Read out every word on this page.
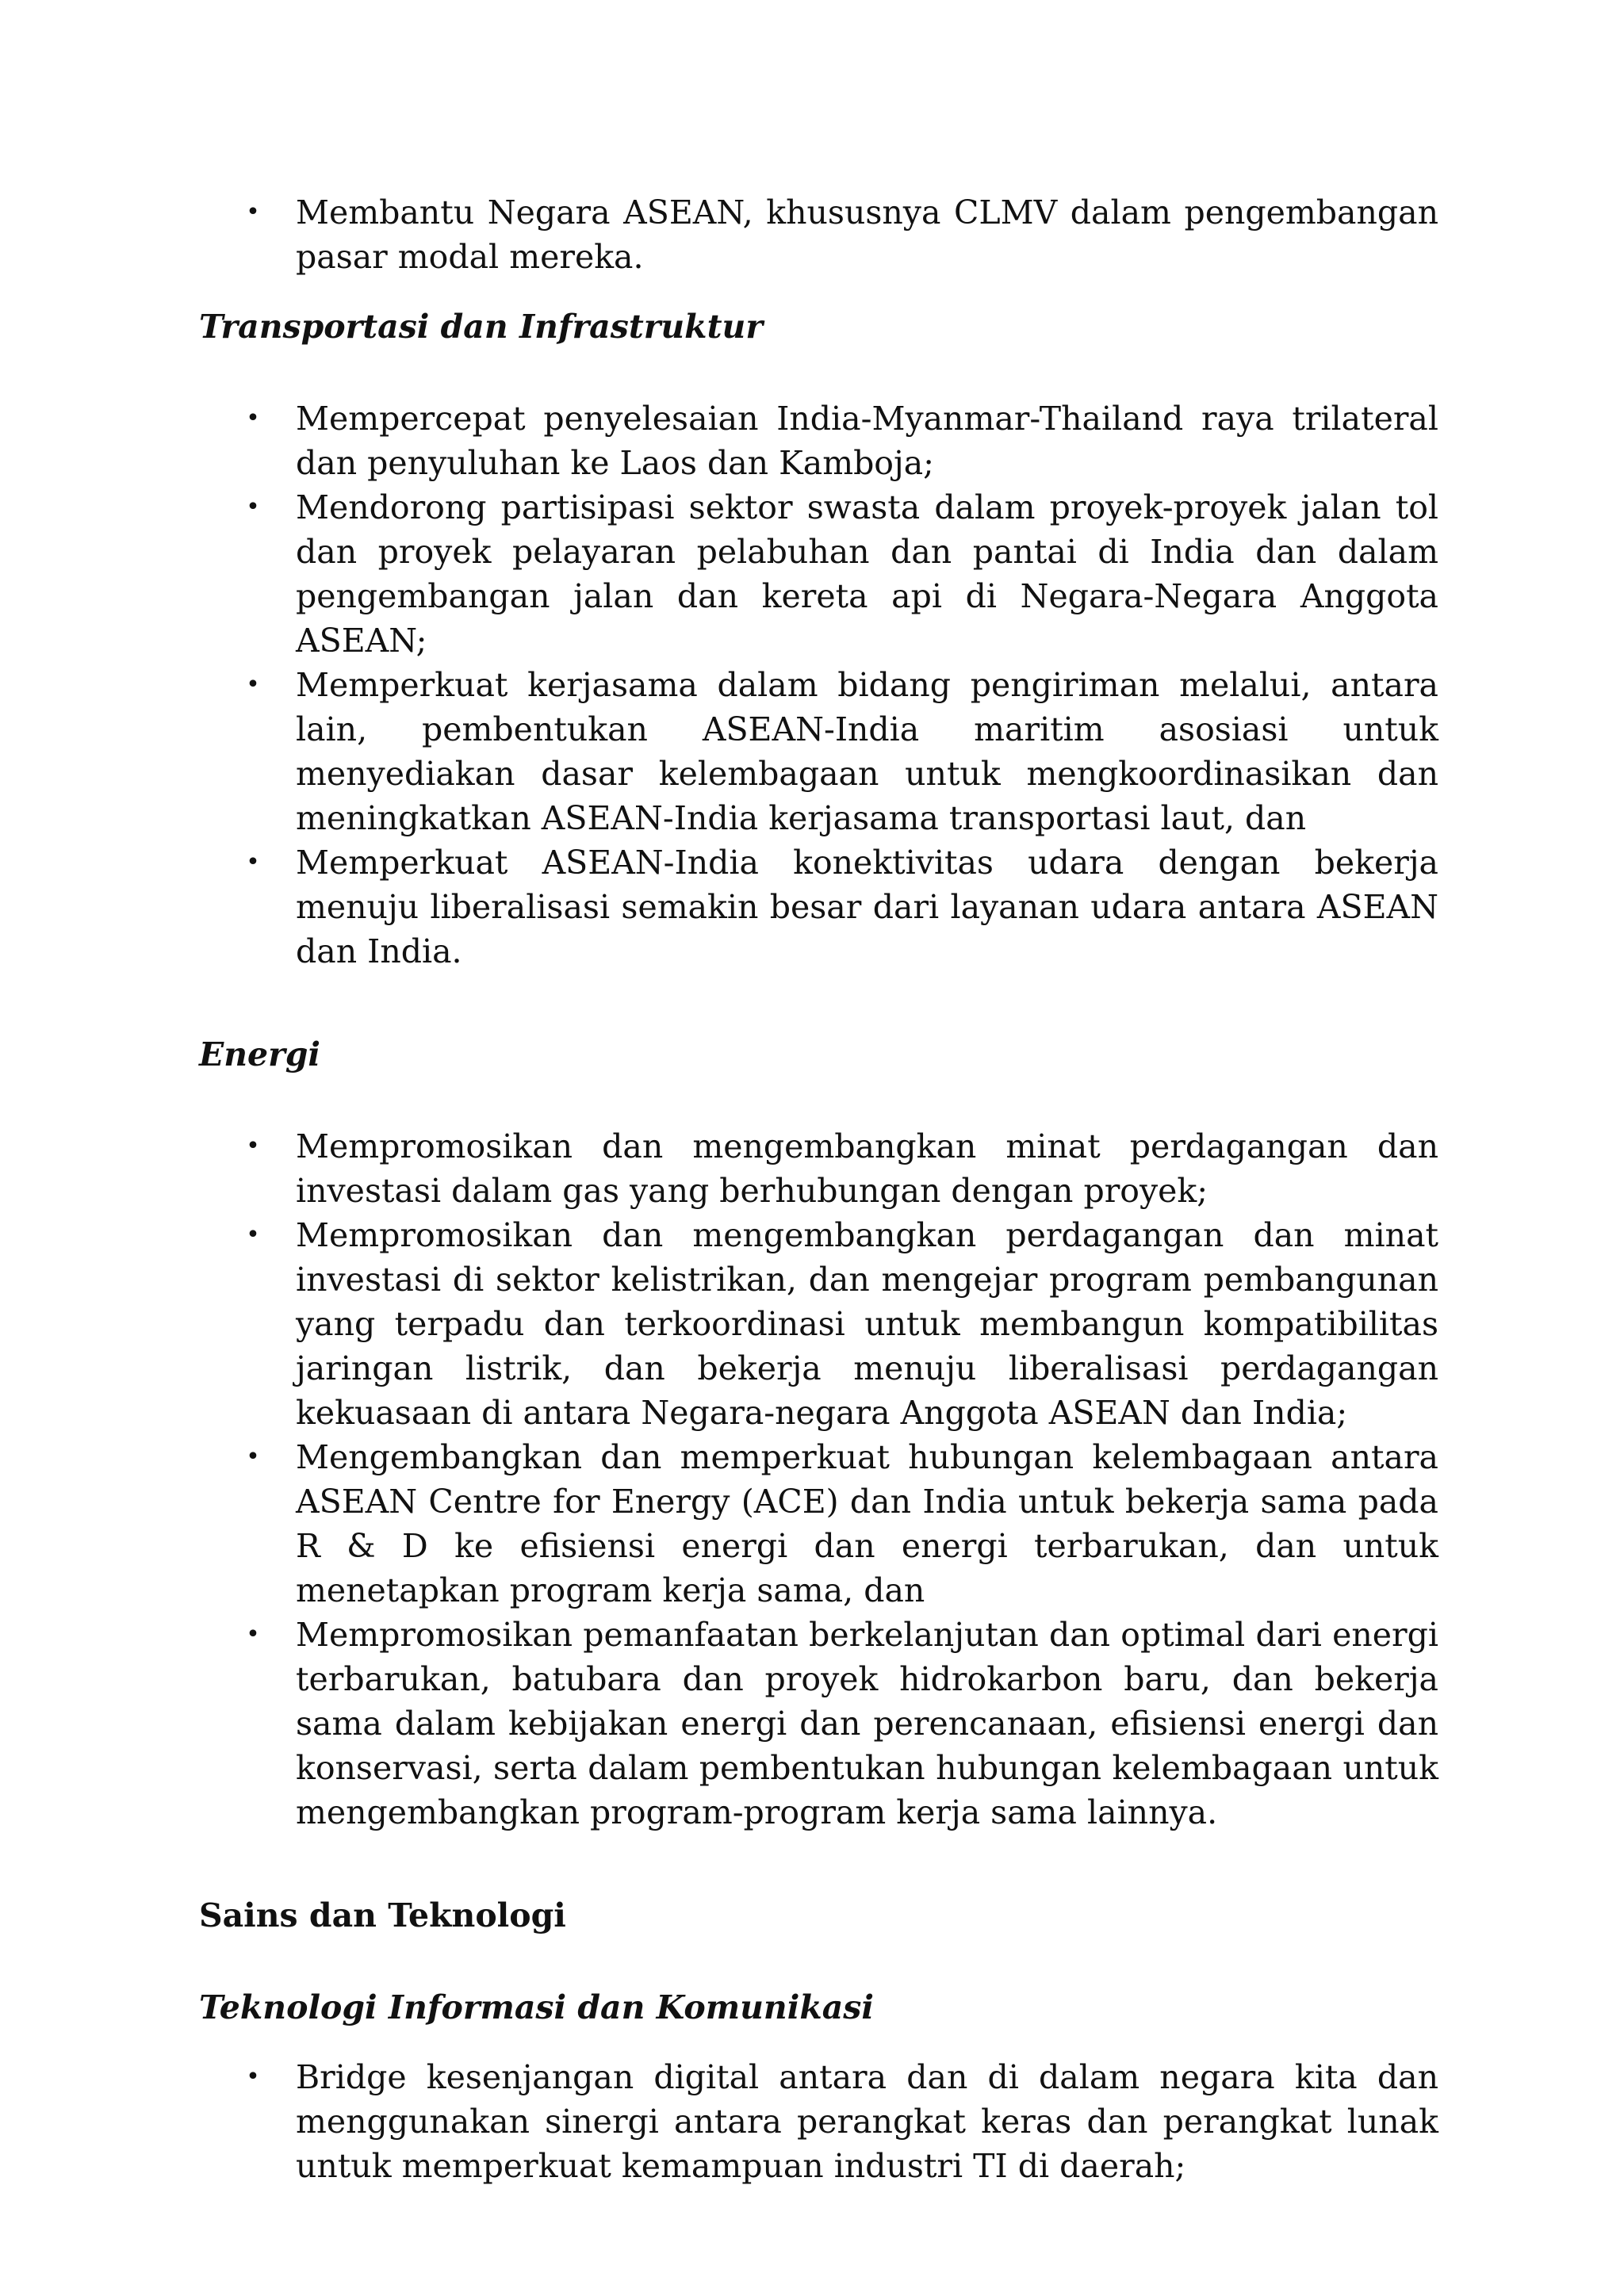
• Membantu Negara ASEAN, khususnya CLMV dalam pengembangan pasar modal mereka.
Transportasi dan Infrastruktur
• Mempercepat penyelesaian India-Myanmar-Thailand raya trilateral dan penyuluhan ke Laos dan Kamboja;
• Mendorong partisipasi sektor swasta dalam proyek-proyek jalan tol dan proyek pelayaran pelabuhan dan pantai di India dan dalam pengembangan jalan dan kereta api di Negara-Negara Anggota ASEAN;
• Memperkuat kerjasama dalam bidang pengiriman melalui, antara lain, pembentukan ASEAN-India maritim asosiasi untuk menyediakan dasar kelembagaan untuk mengkoordinasikan dan meningkatkan ASEAN-India kerjasama transportasi laut, dan
• Memperkuat ASEAN-India konektivitas udara dengan bekerja menuju liberalisasi semakin besar dari layanan udara antara ASEAN dan India.
Energi
• Mempromosikan dan mengembangkan minat perdagangan dan investasi dalam gas yang berhubungan dengan proyek;
• Mempromosikan dan mengembangkan perdagangan dan minat investasi di sektor kelistrikan, dan mengejar program pembangunan yang terpadu dan terkoordinasi untuk membangun kompatibilitas jaringan listrik, dan bekerja menuju liberalisasi perdagangan kekuasaan di antara Negara-negara Anggota ASEAN dan India;
• Mengembangkan dan memperkuat hubungan kelembagaan antara ASEAN Centre for Energy (ACE) dan India untuk bekerja sama pada R & D ke efisiensi energi dan energi terbarukan, dan untuk menetapkan program kerja sama, dan
• Mempromosikan pemanfaatan berkelanjutan dan optimal dari energi terbarukan, batubara dan proyek hidrokarbon baru, dan bekerja sama dalam kebijakan energi dan perencanaan, efisiensi energi dan konservasi, serta dalam pembentukan hubungan kelembagaan untuk mengembangkan program-program kerja sama lainnya.
Sains dan Teknologi
Teknologi Informasi dan Komunikasi
• Bridge kesenjangan digital antara dan di dalam negara kita dan menggunakan sinergi antara perangkat keras dan perangkat lunak untuk memperkuat kemampuan industri TI di daerah;
